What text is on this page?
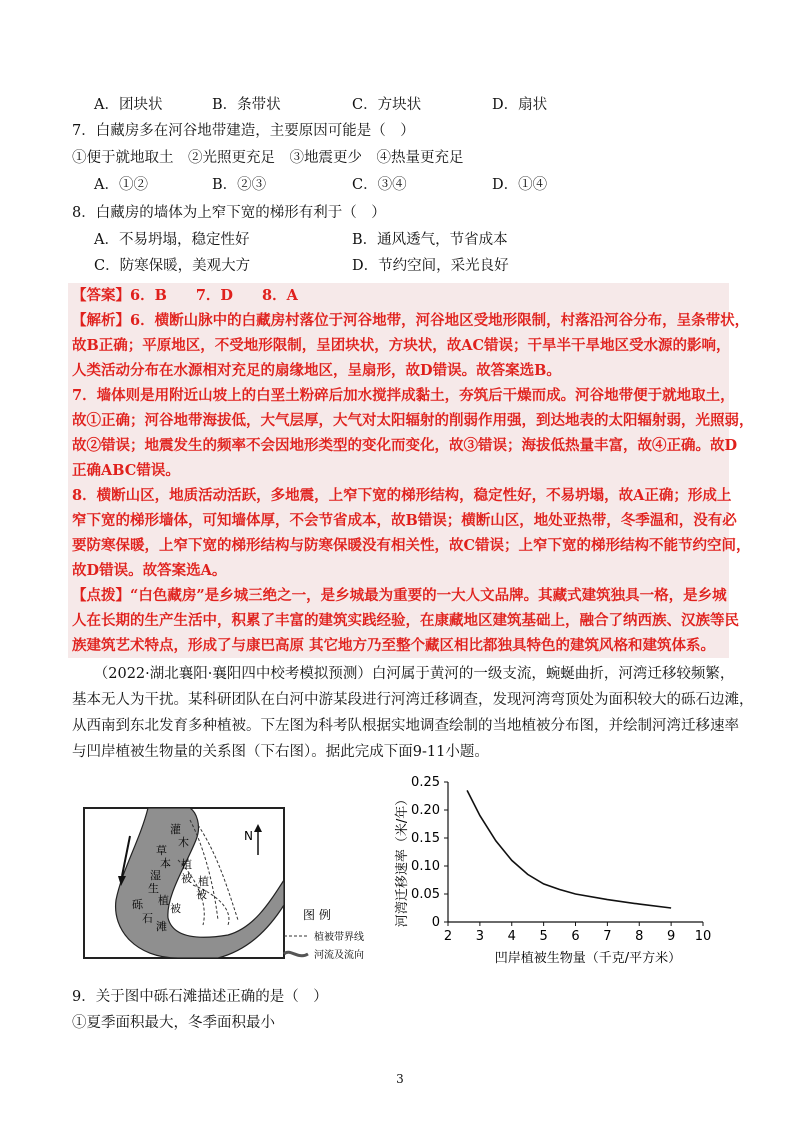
A．团块状	B．条带状	C．方块状	D．扇状
7．白藏房多在河谷地带建造，主要原因可能是（　）
①便于就地取土　②光照更充足　③地震更少　④热量更充足
A．①②	B．②③	C．③④	D．①④
8．白藏房的墙体为上窄下宽的梯形有利于（　）
A．不易坍塌，稳定性好	B．通风透气，节省成本
C．防寒保暖，美观大方	D．节约空间，采光良好
【答案】6．B　　7．D　　8．A
【解析】6．横断山脉中的白藏房村落位于河谷地带，河谷地区受地形限制，村落沿河谷分布，呈条带状，
故B正确；平原地区，不受地形限制，呈团块状，方块状，故AC错误；干旱半干旱地区受水源的影响，
人类活动分布在水源相对充足的扇缘地区，呈扇形，故D错误。故答案选B。
7．墙体则是用附近山坡上的白垩土粉碎后加水搅拌成黏土，夯筑后干燥而成。河谷地带便于就地取土，
故①正确；河谷地带海拔低，大气层厚，大气对太阳辐射的削弱作用强，到达地表的太阳辐射弱，光照弱，
故②错误；地震发生的频率不会因地形类型的变化而变化，故③错误；海拔低热量丰富，故④正确。故D
正确ABC错误。
8．横断山区，地质活动活跃，多地震，上窄下宽的梯形结构，稳定性好，不易坍塌，故A正确；形成上
窄下宽的梯形墙体，可知墙体厚，不会节省成本，故B错误；横断山区，地处亚热带，冬季温和，没有必
要防寒保暖，上窄下宽的梯形结构与防寒保暖没有相关性，故C错误；上窄下宽的梯形结构不能节约空间，
故D错误。故答案选A。
【点拨】“白色藏房”是乡城三绝之一，是乡城最为重要的一大人文品牌。其藏式建筑独具一格，是乡城
人在长期的生产生活中，积累了丰富的建筑实践经验，在康藏地区建筑基础上，融合了纳西族、汉族等民
族建筑艺术特点，形成了与康巴高原 其它地方乃至整个藏区相比都独具特色的建筑风格和建筑体系。
　　（2022·湖北襄阳·襄阳四中校考模拟预测）白河属于黄河的一级支流，蜿蜒曲折，河湾迁移较频繁，
基本无人为干扰。某科研团队在白河中游某段进行河湾迁移调查，发现河湾弯顶处为面积较大的砾石边滩，
从西南到东北发育多种植被。下左图为科考队根据实地调查绘制的当地植被分布图，并绘制河湾迁移速率
与凹岸植被生物量的关系图（下右图）。据此完成下面9-11小题。
N
灌
木
草
本
湿
生
植
被
植
被 植
被
砾
石
滩
图 例
植被带界线
河流及流向
2 3 4 5 6 7 8 9 10
0
0.05
0.10
0.15
0.20
0.25
凹岸植被生物量（千克/平方米）
河湾迁移速率（米/年）
9．关于图中砾石滩描述正确的是（　）
①夏季面积最大，冬季面积最小
3
